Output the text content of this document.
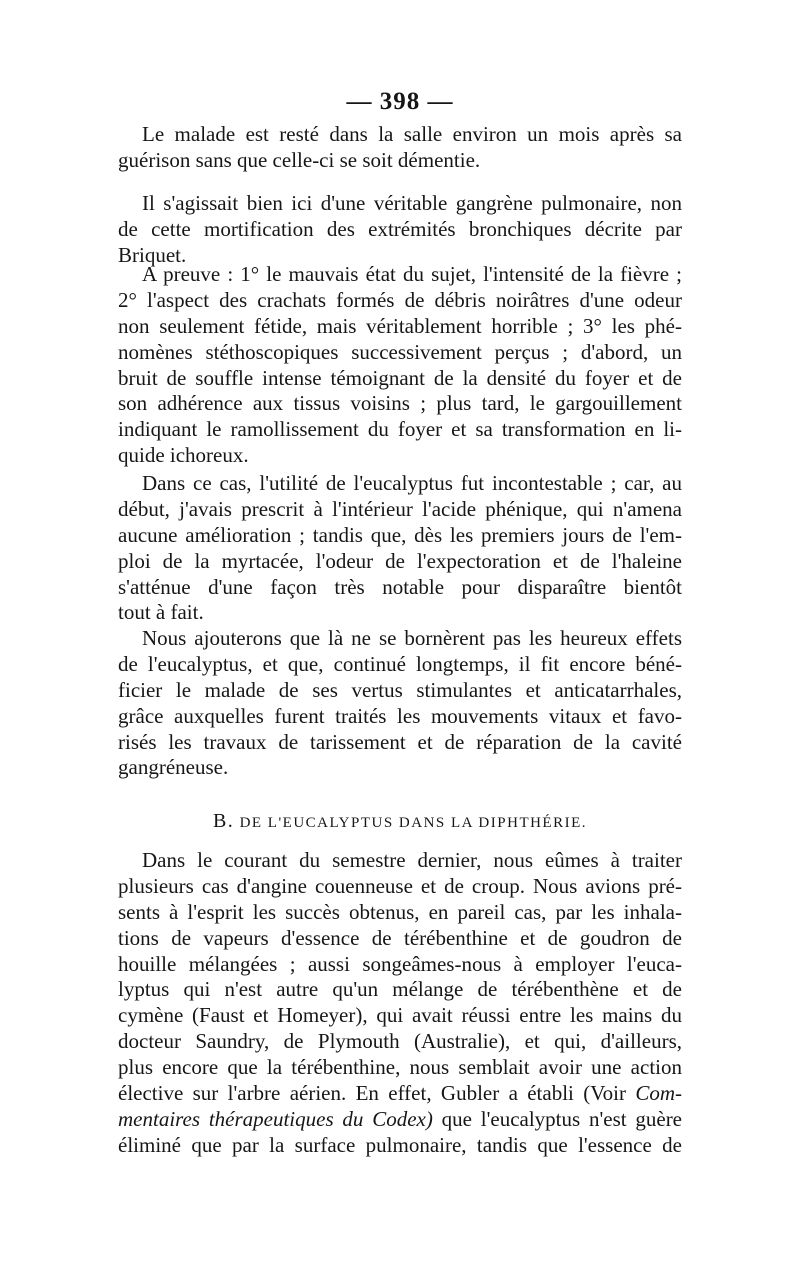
— 398 —
Le malade est resté dans la salle environ un mois après sa
guérison sans que celle-ci se soit démentie.
Il s'agissait bien ici d'une véritable gangrène pulmonaire, non
de cette mortification des extrémités bronchiques décrite par
Briquet.
A preuve : 1° le mauvais état du sujet, l'intensité de la fièvre ;
2° l'aspect des crachats formés de débris noirâtres d'une odeur
non seulement fétide, mais véritablement horrible ; 3° les phé-
nomènes stéthoscopiques successivement perçus ; d'abord, un
bruit de souffle intense témoignant de la densité du foyer et de
son adhérence aux tissus voisins ; plus tard, le gargouillement
indiquant le ramollissement du foyer et sa transformation en li-
quide ichoreux.
Dans ce cas, l'utilité de l'eucalyptus fut incontestable ; car, au
début, j'avais prescrit à l'intérieur l'acide phénique, qui n'amena
aucune amélioration ; tandis que, dès les premiers jours de l'em-
ploi de la myrtacée, l'odeur de l'expectoration et de l'haleine
s'atténue d'une façon très notable pour disparaître bientôt
tout à fait.
Nous ajouterons que là ne se bornèrent pas les heureux effets
de l'eucalyptus, et que, continué longtemps, il fit encore béné-
ficier le malade de ses vertus stimulantes et anticatarrhales,
grâce auxquelles furent traités les mouvements vitaux et favo-
risés les travaux de tarissement et de réparation de la cavité
gangréneuse.
B. DE L'EUCALYPTUS DANS LA DIPHTHÉRIE.
Dans le courant du semestre dernier, nous eûmes à traiter
plusieurs cas d'angine couenneuse et de croup. Nous avions pré-
sents à l'esprit les succès obtenus, en pareil cas, par les inhala-
tions de vapeurs d'essence de térébenthine et de goudron de
houille mélangées ; aussi songeâmes-nous à employer l'euca-
lyptus qui n'est autre qu'un mélange de térébenthène et de
cymène (Faust et Homeyer), qui avait réussi entre les mains du
docteur Saundry, de Plymouth (Australie), et qui, d'ailleurs,
plus encore que la térébenthine, nous semblait avoir une action
élective sur l'arbre aérien. En effet, Gubler a établi (Voir Com-
mentaires thérapeutiques du Codex) que l'eucalyptus n'est guère
éliminé que par la surface pulmonaire, tandis que l'essence de
